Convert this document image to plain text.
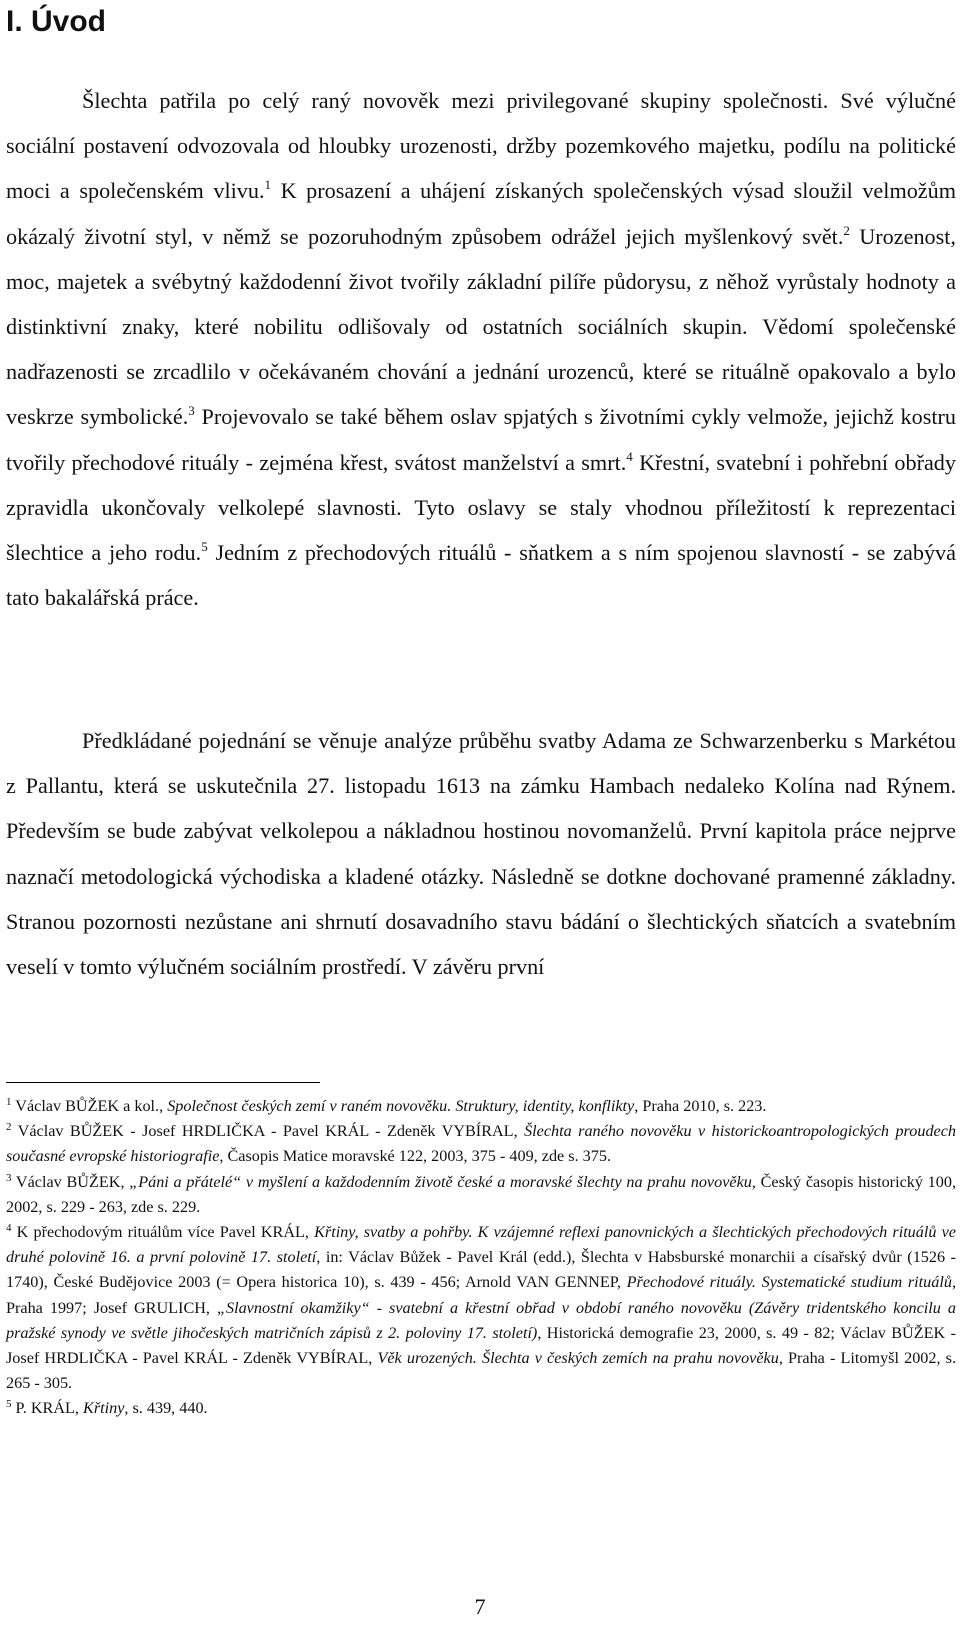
I. Úvod

Šlechta patřila po celý raný novověk mezi privilegované skupiny společnosti. Své výlučné sociální postavení odvozovala od hloubky urozenosti, držby pozemkového majetku, podílu na politické moci a společenském vlivu.$^1$ K prosazení a uhájení získaných společenských výsad sloužil velmožům okázalý životní styl, v němž se pozoruhodným způsobem odrážel jejich myšlenkový svět.$^2$ Urozenost, moc, majetek a svébytný každodenní život tvořily základní pilíře půdorysu, z něhož vyrůstaly hodnoty a distinktivní znaky, které nobilitu odlišovaly od ostatních sociálních skupin. Vědomí společenské nadřazenosti se zrcadlilo v očekávaném chování a jednání urozenců, které se rituálně opakovalo a bylo veskrze symbolické.$^3$ Projevovalo se také během oslav spjatých s životními cykly velmože, jejichž kostru tvořily přechodové rituály - zejména křest, svátost manželství a smrt.$^4$ Křestní, svatební i pohřební obřady zpravidla ukončovaly velkolepé slavnosti. Tyto oslavy se staly vhodnou příležitostí k reprezentaci šlechtice a jeho rodu.$^5$ Jedním z přechodových rituálů - sňatkem a s ním spojenou slavností - se zabývá tato bakalářská práce.

Předkládané pojednání se věnuje analýze průběhu svatby Adama ze Schwarzenberku s Markétou z Pallantu, která se uskutečnila 27. listopadu 1613 na zámku Hambach nedaleko Kolína nad Rýnem. Především se bude zabývat velkolepou a nákladnou hostinou novomanželů. První kapitola práce nejprve naznačí metodologická východiska a kladené otázky. Následně se dotkne dochované pramenné základny. Stranou pozornosti nezůstane ani shrnutí dosavadního stavu bádání o šlechtických sňatcích a svatebním veselí v tomto výlučném sociálním prostředí. V závěru první

$^1$ Václav BŮŽEK a kol., Společnost českých zemí v raném novověku. Struktury, identity, konflikty, Praha 2010, s. 223.

$^2$ Václav BŮŽEK - Josef HRDLIČKA - Pavel KRÁL - Zdeněk VYBÍRAL, Šlechta raného novověku v historickoantropologických proudech současné evropské historiografie, Časopis Matice moravské 122, 2003, 375 - 409, zde s. 375.

$^3$ Václav BŮŽEK, „Páni a přátelé“ v myšlení a každodenním životě české a moravské šlechty na prahu novověku, Český časopis historický 100, 2002, s. 229 - 263, zde s. 229.

$^4$ K přechodovým rituálům více Pavel KRÁL, Křtiny, svatby a pohřby. K vzájemné reflexi panovnických a šlechtických přechodových rituálů ve druhé polovině 16. a první polovině 17. století, in: Václav Bůžek - Pavel Král (edd.), Šlechta v Habsburské monarchii a císařský dvůr (1526 - 1740), České Budějovice 2003 (= Opera historica 10), s. 439 - 456; Arnold VAN GENNEP, Přechodové rituály. Systematické studium rituálů, Praha 1997; Josef GRULICH, „Slavnostní okamžiky“ - svatební a křestní obřad v období raného novověku (Závěry tridentského koncilu a pražské synody ve světle jihočeských matričních zápisů z 2. poloviny 17. století), Historická demografie 23, 2000, s. 49 - 82; Václav BŮŽEK - Josef HRDLIČKA - Pavel KRÁL - Zdeněk VYBÍRAL, Věk urozených. Šlechta v českých zemích na prahu novověku, Praha - Litomyšl 2002, s. 265 - 305.

$^5$ P. KRÁL, Křtiny, s. 439, 440.

7
